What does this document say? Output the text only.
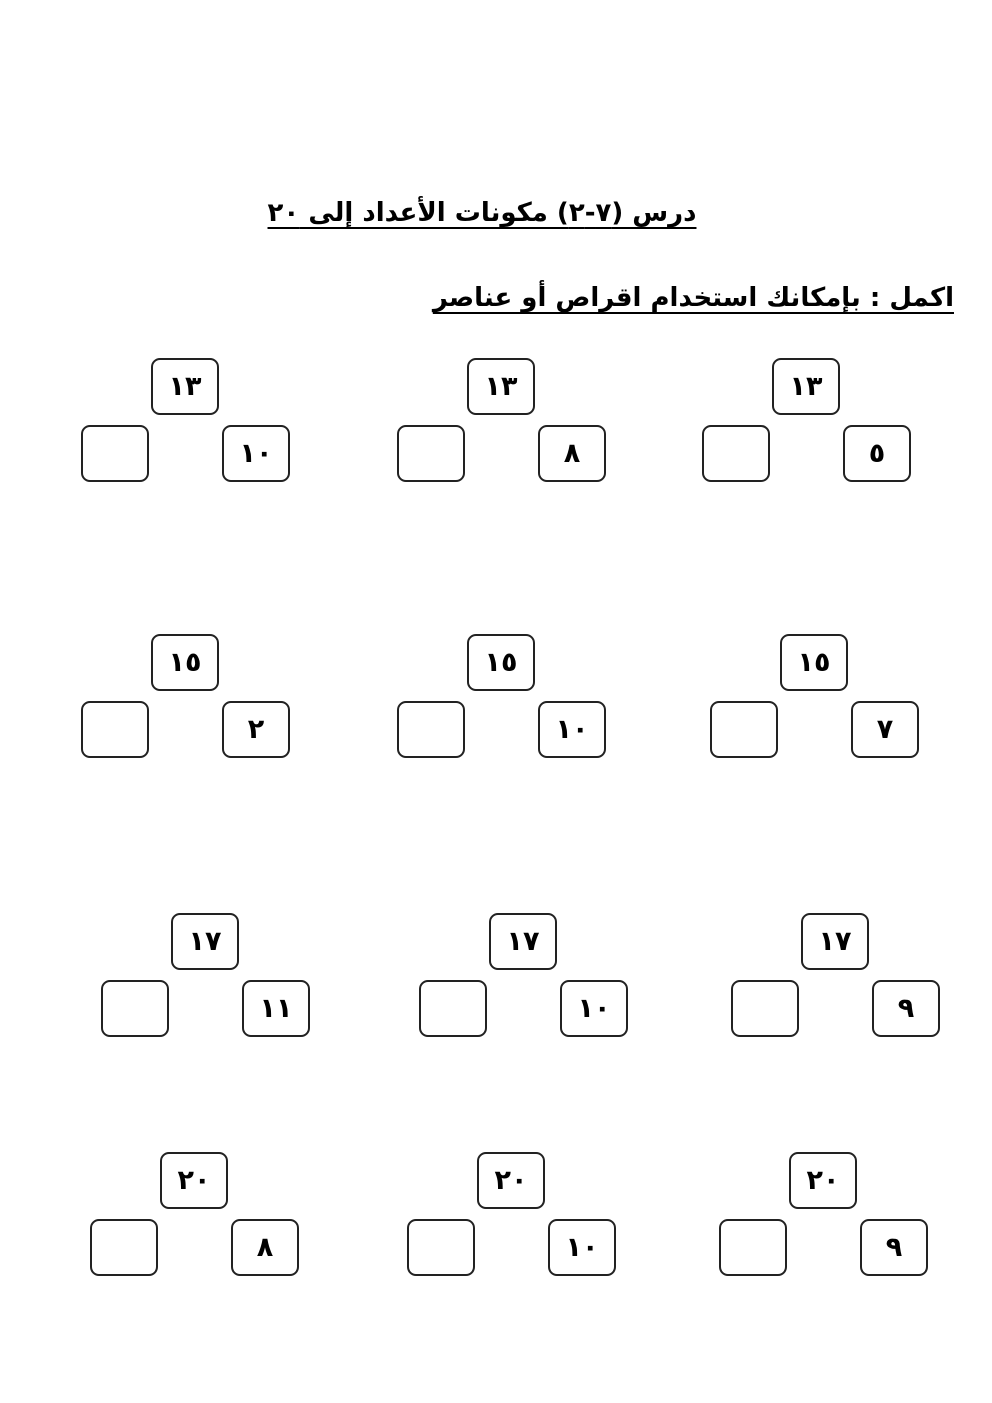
درس (٧-٢) مكونات الأعداد إلى ٢٠
اكمل : بإمكانك استخدام اقراص أو عناصر
١٣
٥
١٣
٨
١٣
١٠
١٥
٧
١٥
١٠
١٥
٢
١٧
٩
١٧
١٠
١٧
١١
٢٠
٩
٢٠
١٠
٢٠
٨
